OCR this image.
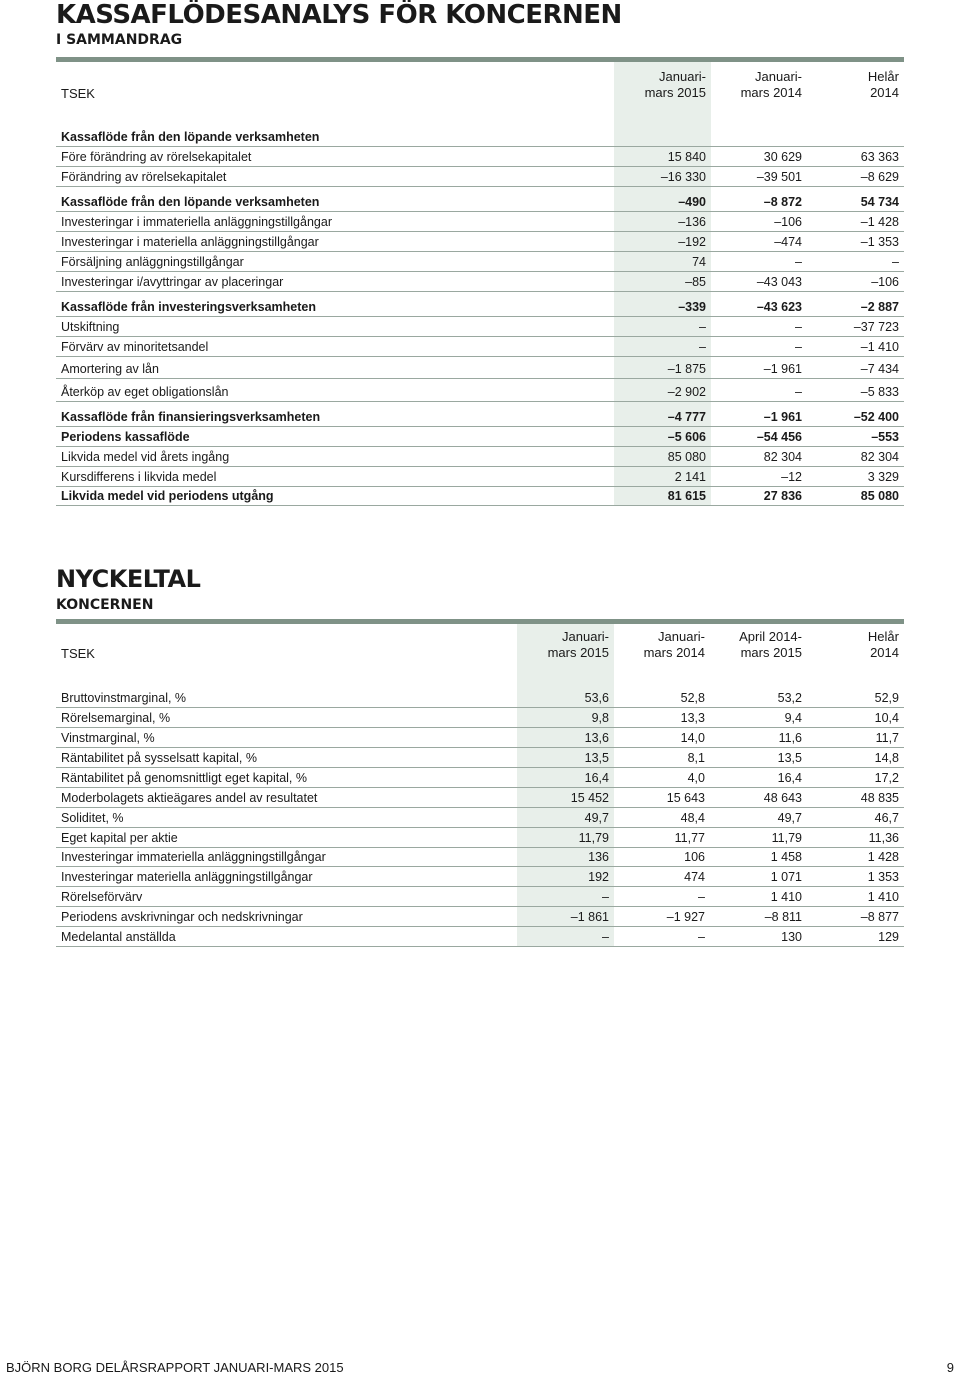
KASSAFLÖDESANALYS FÖR KONCERNEN
I SAMMANDRAG
TSEK
Januari-
mars 2015
Januari-
mars 2014
Helår
2014
Kassaflöde från den löpande verksamheten
Före förändring av rörelsekapitalet	15 840	30 629	63 363
Förändring av rörelsekapitalet	–16 330	–39 501	–8 629
Kassaflöde från den löpande verksamheten	–490	–8 872	54 734
Investeringar i immateriella anläggningstillgångar	–136	–106	–1 428
Investeringar i materiella anläggningstillgångar	–192	–474	–1 353
Försäljning anläggningstillgångar	74	–	–
Investeringar i/avyttringar av placeringar	–85	–43 043	–106
Kassaflöde från investeringsverksamheten	–339	–43 623	–2 887
Utskiftning	–	–	–37 723
Förvärv av minoritetsandel	–	–	–1 410
Amortering av lån	–1 875	–1 961	–7 434
Återköp av eget obligationslån	–2 902	–	–5 833
Kassaflöde från finansieringsverksamheten	–4 777	–1 961	–52 400
Periodens kassaflöde	–5 606	–54 456	–553
Likvida medel vid årets ingång	85 080	82 304	82 304
Kursdifferens i likvida medel	2 141	–12	3 329
Likvida medel vid periodens utgång	81 615	27 836	85 080
NYCKELTAL
KONCERNEN
TSEK
Januari-
mars 2015
Januari-
mars 2014
April 2014-
mars 2015
Helår
2014
Bruttovinstmarginal, %	53,6	52,8	53,2	52,9
Rörelsemarginal, %	9,8	13,3	9,4	10,4
Vinstmarginal, %	13,6	14,0	11,6	11,7
Räntabilitet på sysselsatt kapital, %	13,5	8,1	13,5	14,8
Räntabilitet på genomsnittligt eget kapital, %	16,4	4,0	16,4	17,2
Moderbolagets aktieägares andel av resultatet	15 452	15 643	48 643	48 835
Soliditet, %	49,7	48,4	49,7	46,7
Eget kapital per aktie	11,79	11,77	11,79	11,36
Investeringar immateriella anläggningstillgångar	136	106	1 458	1 428
Investeringar materiella anläggningstillgångar	192	474	1 071	1 353
Rörelseförvärv	–	–	1 410	1 410
Periodens avskrivningar och nedskrivningar	–1 861	–1 927	–8 811	–8 877
Medelantal anställda	–	–	130	129
BJÖRN BORG DELÅRSRAPPORT JANUARI-MARS 2015	9
